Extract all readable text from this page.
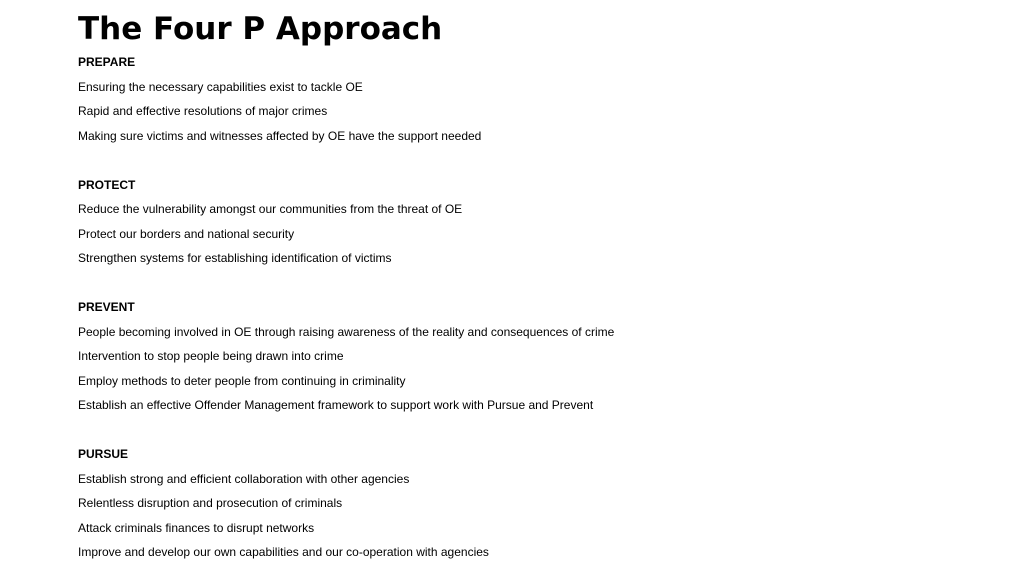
The Four P Approach
PREPARE
Ensuring the necessary capabilities exist to tackle OE
Rapid and effective resolutions of major crimes
Making sure victims and witnesses affected by OE have the support needed
PROTECT
Reduce the vulnerability amongst our communities from the threat of OE
Protect our borders and national security
Strengthen systems for establishing identification of victims
PREVENT
People becoming involved in OE through raising awareness of the reality and consequences of crime
Intervention to stop people being drawn into crime
Employ methods to deter people from continuing in criminality
Establish an effective Offender Management framework to support work with Pursue and Prevent
PURSUE
Establish strong and efficient collaboration with other agencies
Relentless disruption and prosecution of criminals
Attack criminals finances to disrupt networks
Improve and develop our own capabilities and our co-operation with agencies
